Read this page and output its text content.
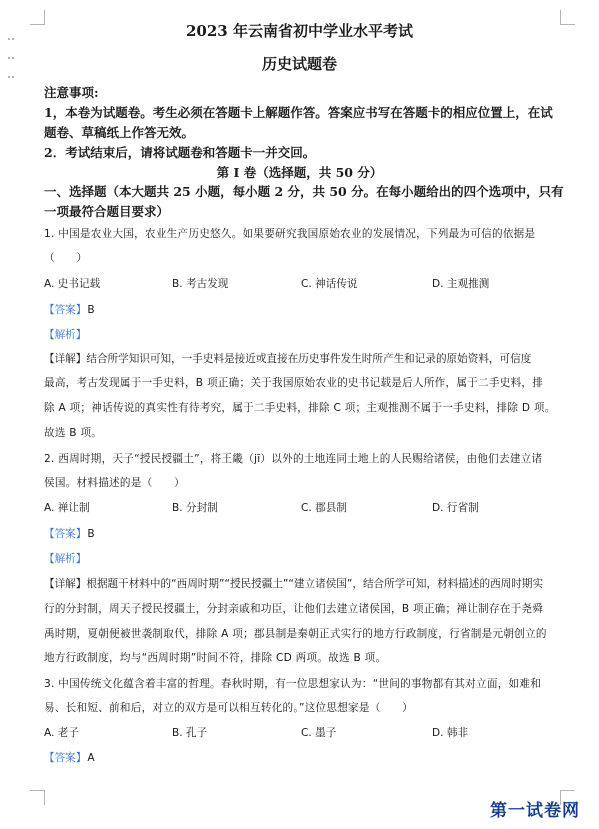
2023 年云南省初中学业水平考试
历史试题卷
注意事项:
1，本卷为试题卷。考生必须在答题卡上解题作答。答案应书写在答题卡的相应位置上，在试
题卷、草稿纸上作答无效。
2．考试结束后，请将试题卷和答题卡一并交回。
第 I 卷（选择题，共 50 分）
一、选择题（本大题共 25 小题，每小题 2 分，共 50 分。在每小题给出的四个选项中，只有
一项最符合题目要求）
1. 中国是农业大国，农业生产历史悠久。如果要研究我国原始农业的发展情况，下列最为可信的依据是
（　　）
A. 史书记载	B. 考古发现	C. 神话传说	D. 主观推测
【答案】B
【解析】
【详解】结合所学知识可知，一手史料是接近或直接在历史事件发生时所产生和记录的原始资料，可信度
最高，考古发现属于一手史料，B 项正确；关于我国原始农业的史书记载是后人所作，属于二手史料，排
除 A 项；神话传说的真实性有待考究，属于二手史料，排除 C 项；主观推测不属于一手史料，排除 D 项。
故选 B 项。
2. 西周时期，天子“授民授疆土”，将王畿（jī）以外的土地连同土地上的人民赐给诸侯，由他们去建立诸
侯国。材料描述的是（　　）
A. 禅让制	B. 分封制	C. 郡县制	D. 行省制
【答案】B
【解析】
【详解】根据题干材料中的“西周时期”“授民授疆土”“建立诸侯国”，结合所学可知，材料描述的西周时期实
行的分封制，周天子授民授疆土，分封亲戚和功臣，让他们去建立诸侯国，B 项正确；禅让制存在于尧舜
禹时期，夏朝便被世袭制取代，排除 A 项；郡县制是秦朝正式实行的地方行政制度，行省制是元朝创立的
地方行政制度，均与“西周时期”时间不符，排除 CD 两项。故选 B 项。
3. 中国传统文化蕴含着丰富的哲理。春秋时期，有一位思想家认为：“世间的事物都有其对立面，如难和
易、长和短、前和后，对立的双方是可以相互转化的。”这位思想家是（　　）
A. 老子	B. 孔子	C. 墨子	D. 韩非
【答案】A
第一试卷网
